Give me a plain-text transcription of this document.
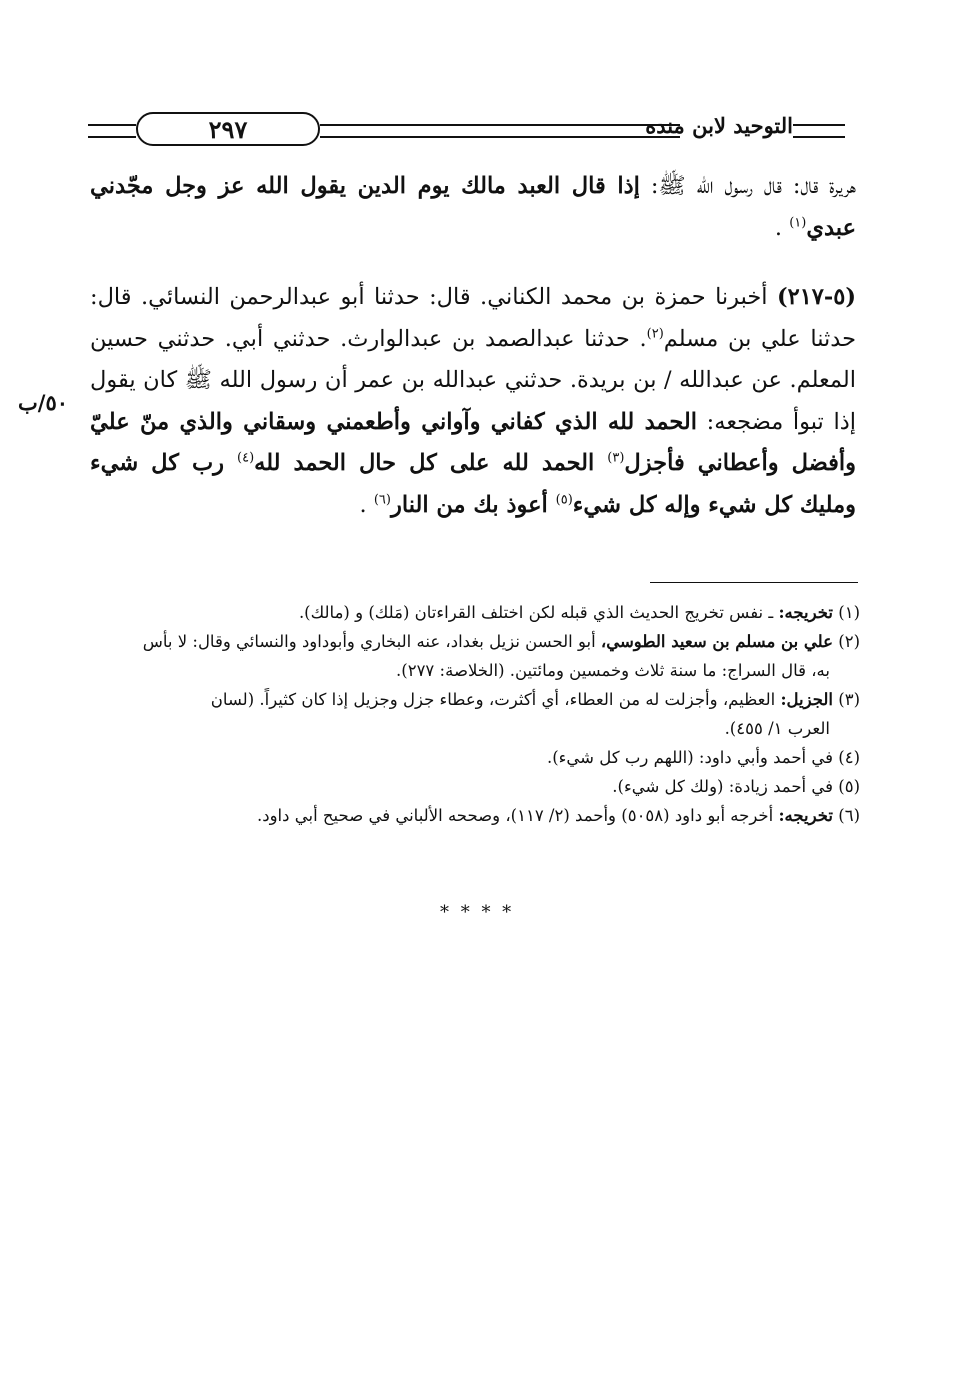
التوحيد لابن منده
٢٩٧

هريرة قال: قال رسول الله ﷺ: إذا قال العبد مالك يوم الدين يقول الله عز وجل مجّدني عبدي$^{(١)}$ .

(٥-٢١٧) أخبرنا حمزة بن محمد الكناني. قال: حدثنا أبو عبدالرحمن النسائي. قال: حدثنا علي بن مسلم$^{(٢)}$. حدثنا عبدالصمد بن عبدالوارث. حدثني أبي. حدثني حسين المعلم. عن عبدالله / بن بريدة. حدثني عبدالله بن عمر أن رسول الله ﷺ كان يقول إذا تبوأ مضجعه: الحمد لله الذي كفاني وآواني وأطعمني وسقاني والذي منّ عليّ وأفضل وأعطاني فأجزل$^{(٣)}$ الحمد لله على كل حال الحمد لله$^{(٤)}$ رب كل شيء ومليك كل شيء وإله كل شيء$^{(٥)}$ أعوذ بك من النار$^{(٦)}$ .

٥٠/ب

(١) تخريجه: ـ نفس تخريج الحديث الذي قبله لكن اختلف القراءتان (مَلك) و (مالك).

(٢) علي بن مسلم بن سعيد الطوسي، أبو الحسن نزيل بغداد، عنه البخاري وأبوداود والنسائي وقال: لا بأس

به، قال السراج: ما سنة ثلاث وخمسين ومائتين. (الخلاصة: ٢٧٧).

(٣) الجزيل: العظيم، وأجزلت له من العطاء، أي أكثرت، وعطاء جزل وجزيل إذا كان كثيراً. (لسان

العرب ١/ ٤٥٥).

(٤) في أحمد وأبي داود: (اللهم رب كل شيء).

(٥) في أحمد زيادة: (ولك كل شيء).

(٦) تخريجه: أخرجه أبو داود (٥٠٥٨) وأحمد (٢/ ١١٧)، وصححه الألباني في صحيح أبي داود.

* * * *
